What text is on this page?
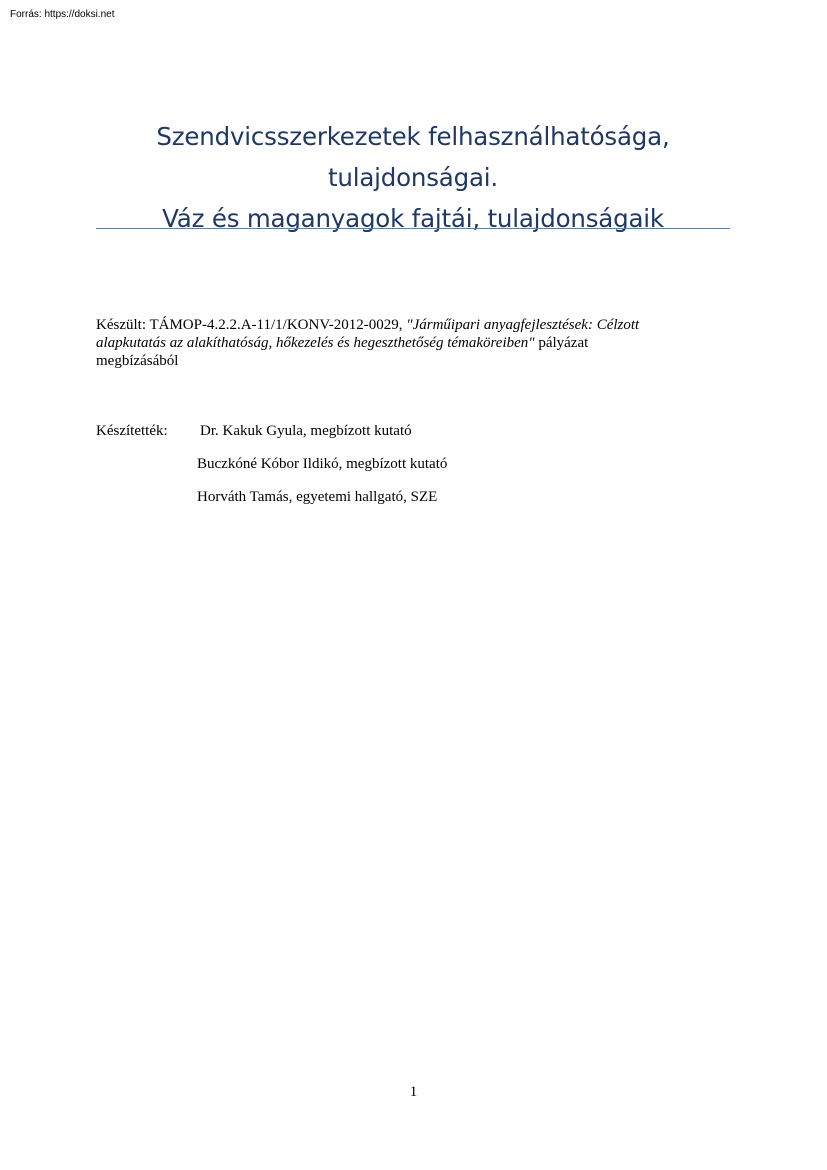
Forrás: https://doksi.net
Szendvicsszerkezetek felhasználhatósága,
tulajdonságai.
Váz és maganyagok fajtái, tulajdonságaik
Készült: TÁMOP-4.2.2.A-11/1/KONV-2012-0029, "Járműipari anyagfejlesztések: Célzott
alapkutatás az alakíthatóság, hőkezelés és hegeszthetőség témaköreiben" pályázat
megbízásából
Készítették: Dr. Kakuk Gyula, megbízott kutató
Buczkóné Kóbor Ildikó, megbízott kutató
Horváth Tamás, egyetemi hallgató, SZE
1
